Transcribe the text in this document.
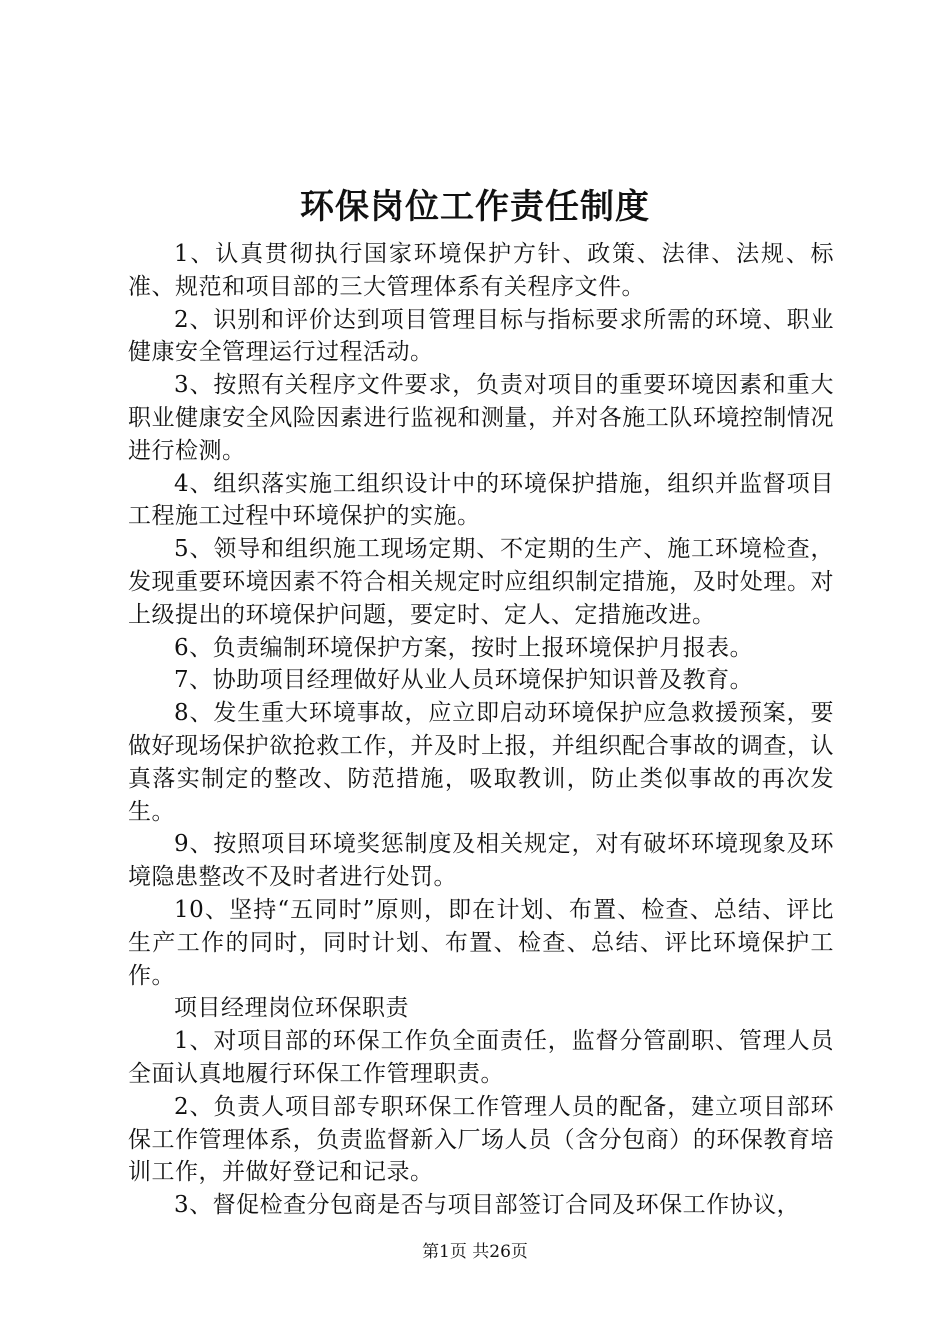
环保岗位工作责任制度

1、认真贯彻执行国家环境保护方针、政策、法律、法规、标准、规范和项目部的三大管理体系有关程序文件。

2、识别和评价达到项目管理目标与指标要求所需的环境、职业健康安全管理运行过程活动。

3、按照有关程序文件要求，负责对项目的重要环境因素和重大职业健康安全风险因素进行监视和测量，并对各施工队环境控制情况进行检测。

4、组织落实施工组织设计中的环境保护措施，组织并监督项目工程施工过程中环境保护的实施。

5、领导和组织施工现场定期、不定期的生产、施工环境检查，发现重要环境因素不符合相关规定时应组织制定措施，及时处理。对上级提出的环境保护问题，要定时、定人、定措施改进。

6、负责编制环境保护方案，按时上报环境保护月报表。

7、协助项目经理做好从业人员环境保护知识普及教育。

8、发生重大环境事故，应立即启动环境保护应急救援预案，要做好现场保护欲抢救工作，并及时上报，并组织配合事故的调查，认真落实制定的整改、防范措施，吸取教训，防止类似事故的再次发生。

9、按照项目环境奖惩制度及相关规定，对有破坏环境现象及环境隐患整改不及时者进行处罚。

10、坚持“五同时”原则，即在计划、布置、检查、总结、评比生产工作的同时，同时计划、布置、检查、总结、评比环境保护工作。

项目经理岗位环保职责

1、对项目部的环保工作负全面责任，监督分管副职、管理人员全面认真地履行环保工作管理职责。

2、负责人项目部专职环保工作管理人员的配备，建立项目部环保工作管理体系，负责监督新入厂场人员（含分包商）的环保教育培训工作，并做好登记和记录。

3、督促检查分包商是否与项目部签订合同及环保工作协议，

第1页 共26页
